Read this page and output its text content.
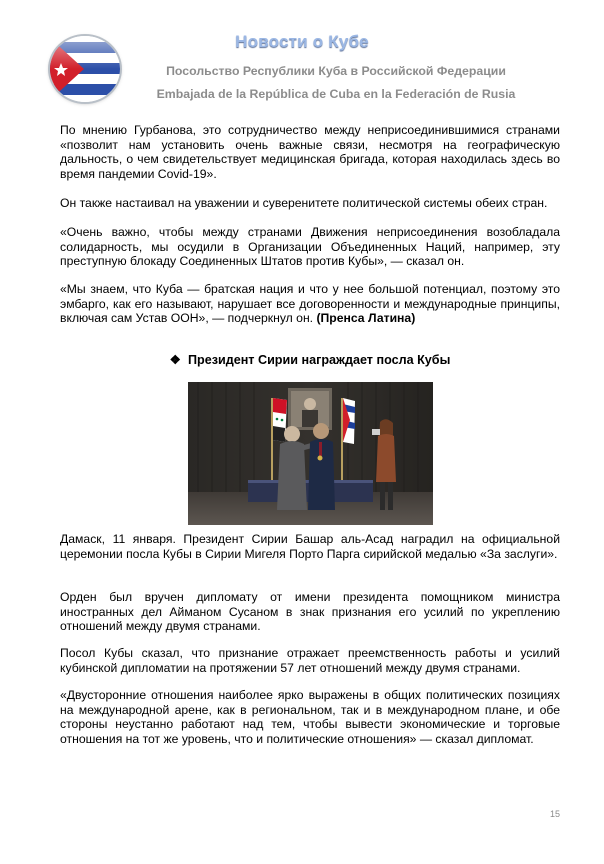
Новости о Кубе
Посольство Республики Куба в Российской Федерации
Embajada de la República de Cuba en la Federación de Rusia

По мнению Гурбанова, это сотрудничество между неприсоединившимися странами «позволит нам установить очень важные связи, несмотря на географическую дальность, о чем свидетельствует медицинская бригада, которая находилась здесь во время пандемии Covid-19».

Он также настаивал на уважении и суверенитете политической системы обеих стран.

«Очень важно, чтобы между странами Движения неприсоединения возобладала солидарность, мы осудили в Организации Объединенных Наций, например, эту преступную блокаду Соединенных Штатов против Кубы», — сказал он.

«Мы знаем, что Куба — братская нация и что у нее большой потенциал, поэтому это эмбарго, как его называют, нарушает все договоренности и международные принципы, включая сам Устав ООН», — подчеркнул он. (Пренса Латина)

❖ Президент Сирии награждает посла Кубы

Дамаск, 11 января. Президент Сирии Башар аль-Асад наградил на официальной церемонии посла Кубы в Сирии Мигеля Порто Парга сирийской медалью «За заслуги».

Орден был вручен дипломату от имени президента помощником министра иностранных дел Айманом Сусаном в знак признания его усилий по укреплению отношений между двумя странами.

Посол Кубы сказал, что признание отражает преемственность работы и усилий кубинской дипломатии на протяжении 57 лет отношений между двумя странами.

«Двусторонние отношения наиболее ярко выражены в общих политических позициях на международной арене, как в региональном, так и в международном плане, и обе стороны неустанно работают над тем, чтобы вывести экономические и торговые отношения на тот же уровень, что и политические отношения» — сказал дипломат.

15
